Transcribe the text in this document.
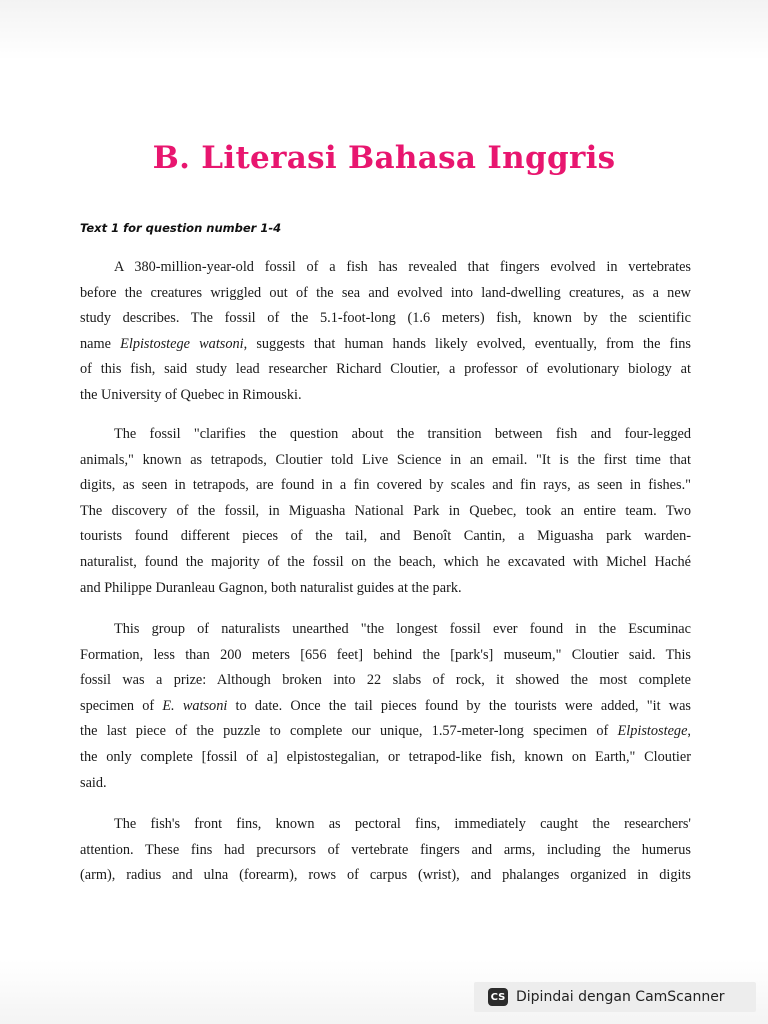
B. Literasi Bahasa Inggris
Text 1 for question number 1-4
A 380-million-year-old fossil of a fish has revealed that fingers evolved in vertebrates
before the creatures wriggled out of the sea and evolved into land-dwelling creatures, as a new
study describes. The fossil of the 5.1-foot-long (1.6 meters) fish, known by the scientific
name Elpistostege watsoni, suggests that human hands likely evolved, eventually, from the fins
of this fish, said study lead researcher Richard Cloutier, a professor of evolutionary biology at
the University of Quebec in Rimouski.
The fossil "clarifies the question about the transition between fish and four-legged
animals," known as tetrapods, Cloutier told Live Science in an email. "It is the first time that
digits, as seen in tetrapods, are found in a fin covered by scales and fin rays, as seen in fishes."
The discovery of the fossil, in Miguasha National Park in Quebec, took an entire team. Two
tourists found different pieces of the tail, and Benoît Cantin, a Miguasha park warden-
naturalist, found the majority of the fossil on the beach, which he excavated with Michel Haché
and Philippe Duranleau Gagnon, both naturalist guides at the park.
This group of naturalists unearthed "the longest fossil ever found in the Escuminac
Formation, less than 200 meters [656 feet] behind the [park's] museum," Cloutier said. This
fossil was a prize: Although broken into 22 slabs of rock, it showed the most complete
specimen of E. watsoni to date. Once the tail pieces found by the tourists were added, "it was
the last piece of the puzzle to complete our unique, 1.57-meter-long specimen of Elpistostege,
the only complete [fossil of a] elpistostegalian, or tetrapod-like fish, known on Earth," Cloutier
said.
The fish's front fins, known as pectoral fins, immediately caught the researchers'
attention. These fins had precursors of vertebrate fingers and arms, including the humerus
(arm), radius and ulna (forearm), rows of carpus (wrist), and phalanges organized in digits
CS Dipindai dengan CamScanner
